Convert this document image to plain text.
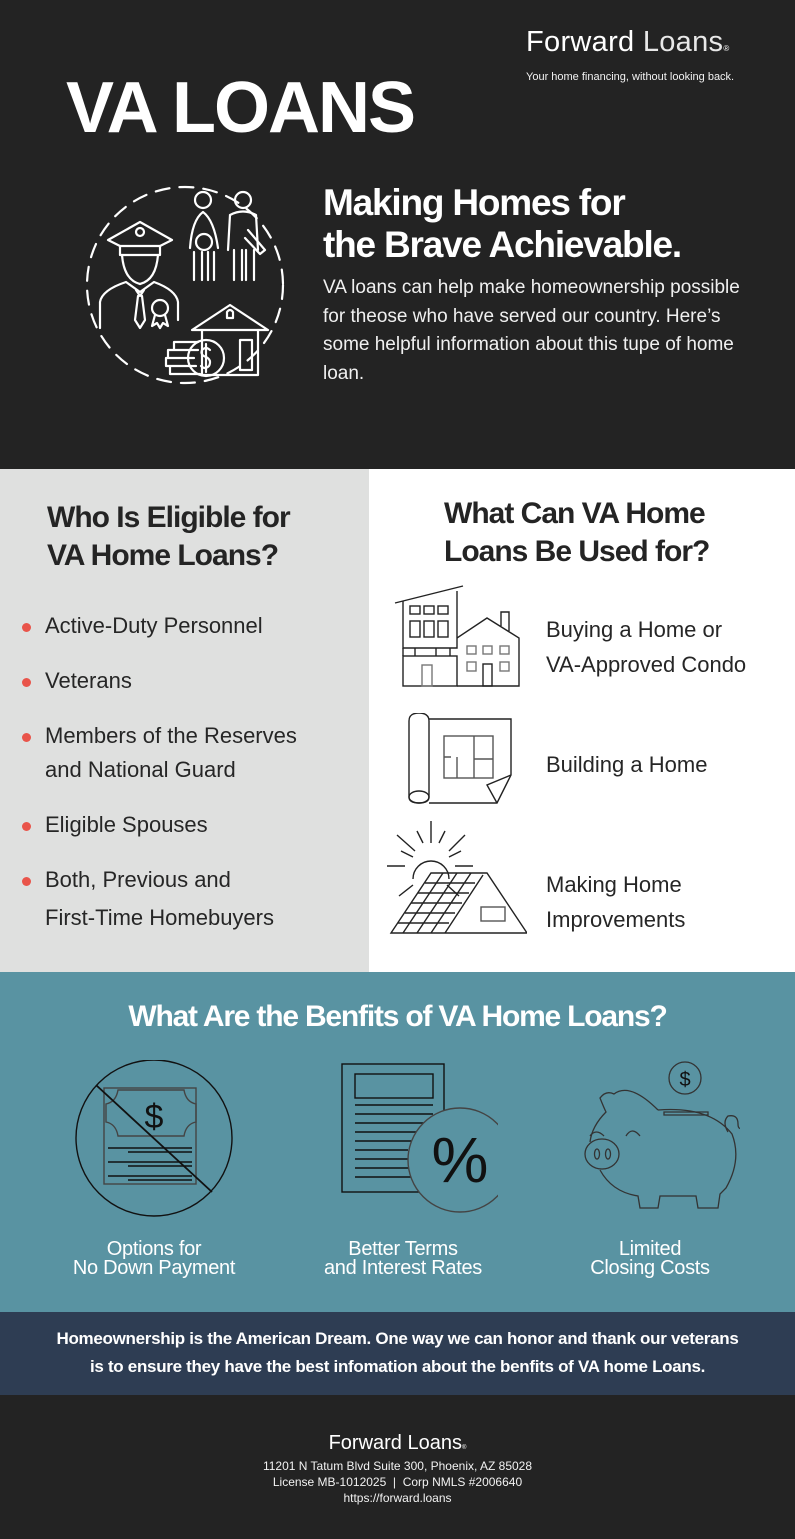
Forward Loans®
Your home financing, without looking back.
VA LOANS
Making Homes for
the Brave Achievable.

VA loans can help make homeownership possible for theose who have served our country. Here’s some helpful information about this tupe of home loan.

Who Is Eligible for
VA Home Loans?
Active-Duty Personnel
Veterans
Members of the Reserves
and National Guard
Eligible Spouses
Both, Previous and
First-Time Homebuyers
What Can VA Home
Loans Be Used for?
Buying a Home or
VA-Approved Condo
Building a Home
Making Home
Improvements
What Are the Benfits of VA Home Loans?
$
Options for
No Down Payment
%
Better Terms
and Interest Rates
$
Limited
Closing Costs

Homeownership is the American Dream. One way we can honor and thank our veterans
is to ensure they have the best infomation about the benfits of VA home Loans.

Forward Loans®
11201 N Tatum Blvd Suite 300, Phoenix, AZ 85028
License MB-1012025  |  Corp NMLS #2006640
https://forward.loans
